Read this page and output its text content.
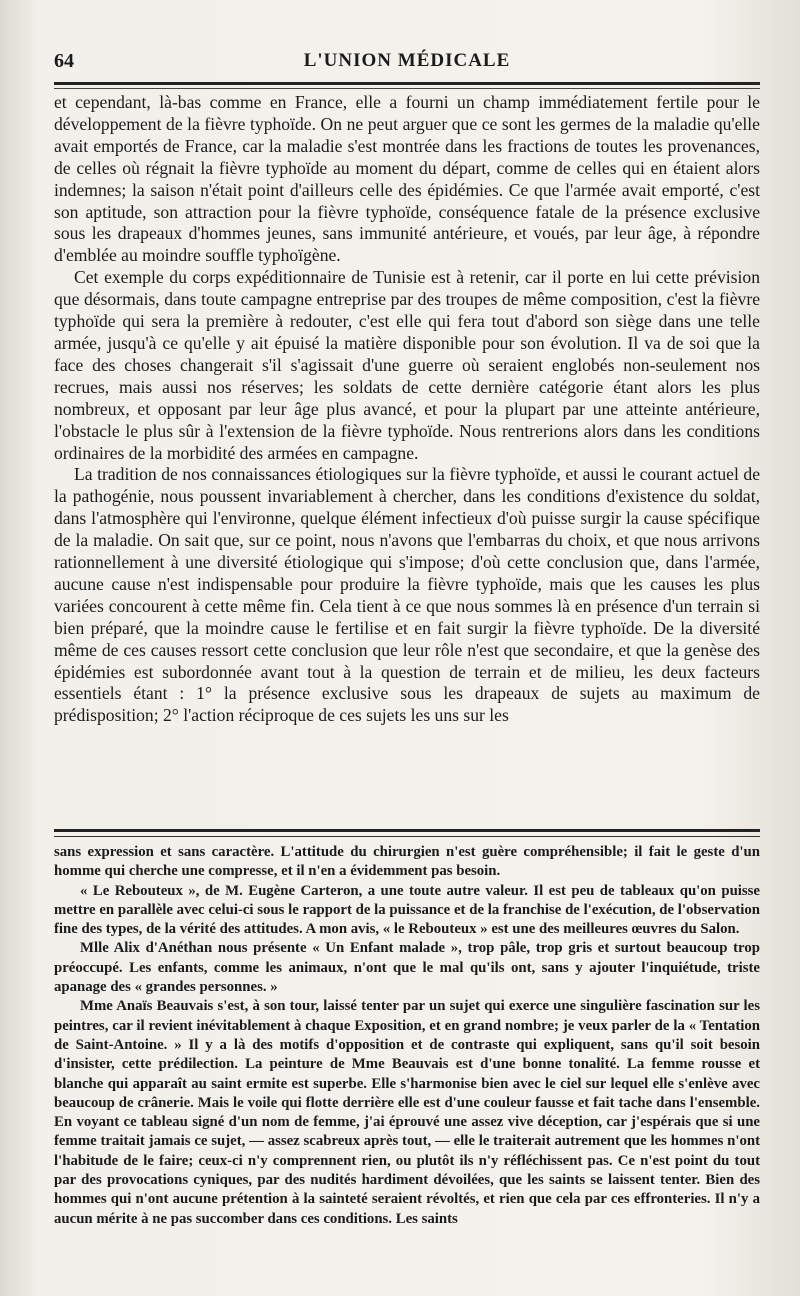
64	L'UNION MÉDICALE

et cependant, là-bas comme en France, elle a fourni un champ immédiatement fertile pour le développement de la fièvre typhoïde. On ne peut arguer que ce sont les germes de la maladie qu'elle avait emportés de France, car la maladie s'est montrée dans les fractions de toutes les provenances, de celles où régnait la fièvre typhoïde au moment du départ, comme de celles qui en étaient alors indemnes; la saison n'était point d'ailleurs celle des épidémies. Ce que l'armée avait emporté, c'est son aptitude, son attraction pour la fièvre typhoïde, conséquence fatale de la présence exclusive sous les drapeaux d'hommes jeunes, sans immunité antérieure, et voués, par leur âge, à répondre d'emblée au moindre souffle typhoïgène.

Cet exemple du corps expéditionnaire de Tunisie est à retenir, car il porte en lui cette prévision que désormais, dans toute campagne entreprise par des troupes de même composition, c'est la fièvre typhoïde qui sera la première à redouter, c'est elle qui fera tout d'abord son siège dans une telle armée, jusqu'à ce qu'elle y ait épuisé la matière disponible pour son évolution. Il va de soi que la face des choses changerait s'il s'agissait d'une guerre où seraient englobés non-seulement nos recrues, mais aussi nos réserves; les soldats de cette dernière catégorie étant alors les plus nombreux, et opposant par leur âge plus avancé, et pour la plupart par une atteinte antérieure, l'obstacle le plus sûr à l'extension de la fièvre typhoïde. Nous rentrerions alors dans les conditions ordinaires de la morbidité des armées en campagne.

La tradition de nos connaissances étiologiques sur la fièvre typhoïde, et aussi le courant actuel de la pathogénie, nous poussent invariablement à chercher, dans les conditions d'existence du soldat, dans l'atmosphère qui l'environne, quelque élément infectieux d'où puisse surgir la cause spécifique de la maladie. On sait que, sur ce point, nous n'avons que l'embarras du choix, et que nous arrivons rationnellement à une diversité étiologique qui s'impose; d'où cette conclusion que, dans l'armée, aucune cause n'est indispensable pour produire la fièvre typhoïde, mais que les causes les plus variées concourent à cette même fin. Cela tient à ce que nous sommes là en présence d'un terrain si bien préparé, que la moindre cause le fertilise et en fait surgir la fièvre typhoïde. De la diversité même de ces causes ressort cette conclusion que leur rôle n'est que secondaire, et que la genèse des épidémies est subordonnée avant tout à la question de terrain et de milieu, les deux facteurs essentiels étant : 1° la présence exclusive sous les drapeaux de sujets au maximum de prédisposition; 2° l'action réciproque de ces sujets les uns sur les

sans expression et sans caractère. L'attitude du chirurgien n'est guère compréhensible; il fait le geste d'un homme qui cherche une compresse, et il n'en a évidemment pas besoin.

« Le Rebouteux », de M. Eugène Carteron, a une toute autre valeur. Il est peu de tableaux qu'on puisse mettre en parallèle avec celui-ci sous le rapport de la puissance et de la franchise de l'exécution, de l'observation fine des types, de la vérité des attitudes. A mon avis, « le Rebouteux » est une des meilleures œuvres du Salon.

Mlle Alix d'Anéthan nous présente « Un Enfant malade », trop pâle, trop gris et surtout beaucoup trop préoccupé. Les enfants, comme les animaux, n'ont que le mal qu'ils ont, sans y ajouter l'inquiétude, triste apanage des « grandes personnes. »

Mme Anaïs Beauvais s'est, à son tour, laissé tenter par un sujet qui exerce une singulière fascination sur les peintres, car il revient inévitablement à chaque Exposition, et en grand nombre; je veux parler de la « Tentation de Saint-Antoine. » Il y a là des motifs d'opposition et de contraste qui expliquent, sans qu'il soit besoin d'insister, cette prédilection. La peinture de Mme Beauvais est d'une bonne tonalité. La femme rousse et blanche qui apparaît au saint ermite est superbe. Elle s'harmonise bien avec le ciel sur lequel elle s'enlève avec beaucoup de crânerie. Mais le voile qui flotte derrière elle est d'une couleur fausse et fait tache dans l'ensemble. En voyant ce tableau signé d'un nom de femme, j'ai éprouvé une assez vive déception, car j'espérais que si une femme traitait jamais ce sujet, — assez scabreux après tout, — elle le traiterait autrement que les hommes n'ont l'habitude de le faire; ceux-ci n'y comprennent rien, ou plutôt ils n'y réfléchissent pas. Ce n'est point du tout par des provocations cyniques, par des nudités hardiment dévoilées, que les saints se laissent tenter. Bien des hommes qui n'ont aucune prétention à la sainteté seraient révoltés, et rien que cela par ces effronteries. Il n'y a aucun mérite à ne pas succomber dans ces conditions. Les saints
